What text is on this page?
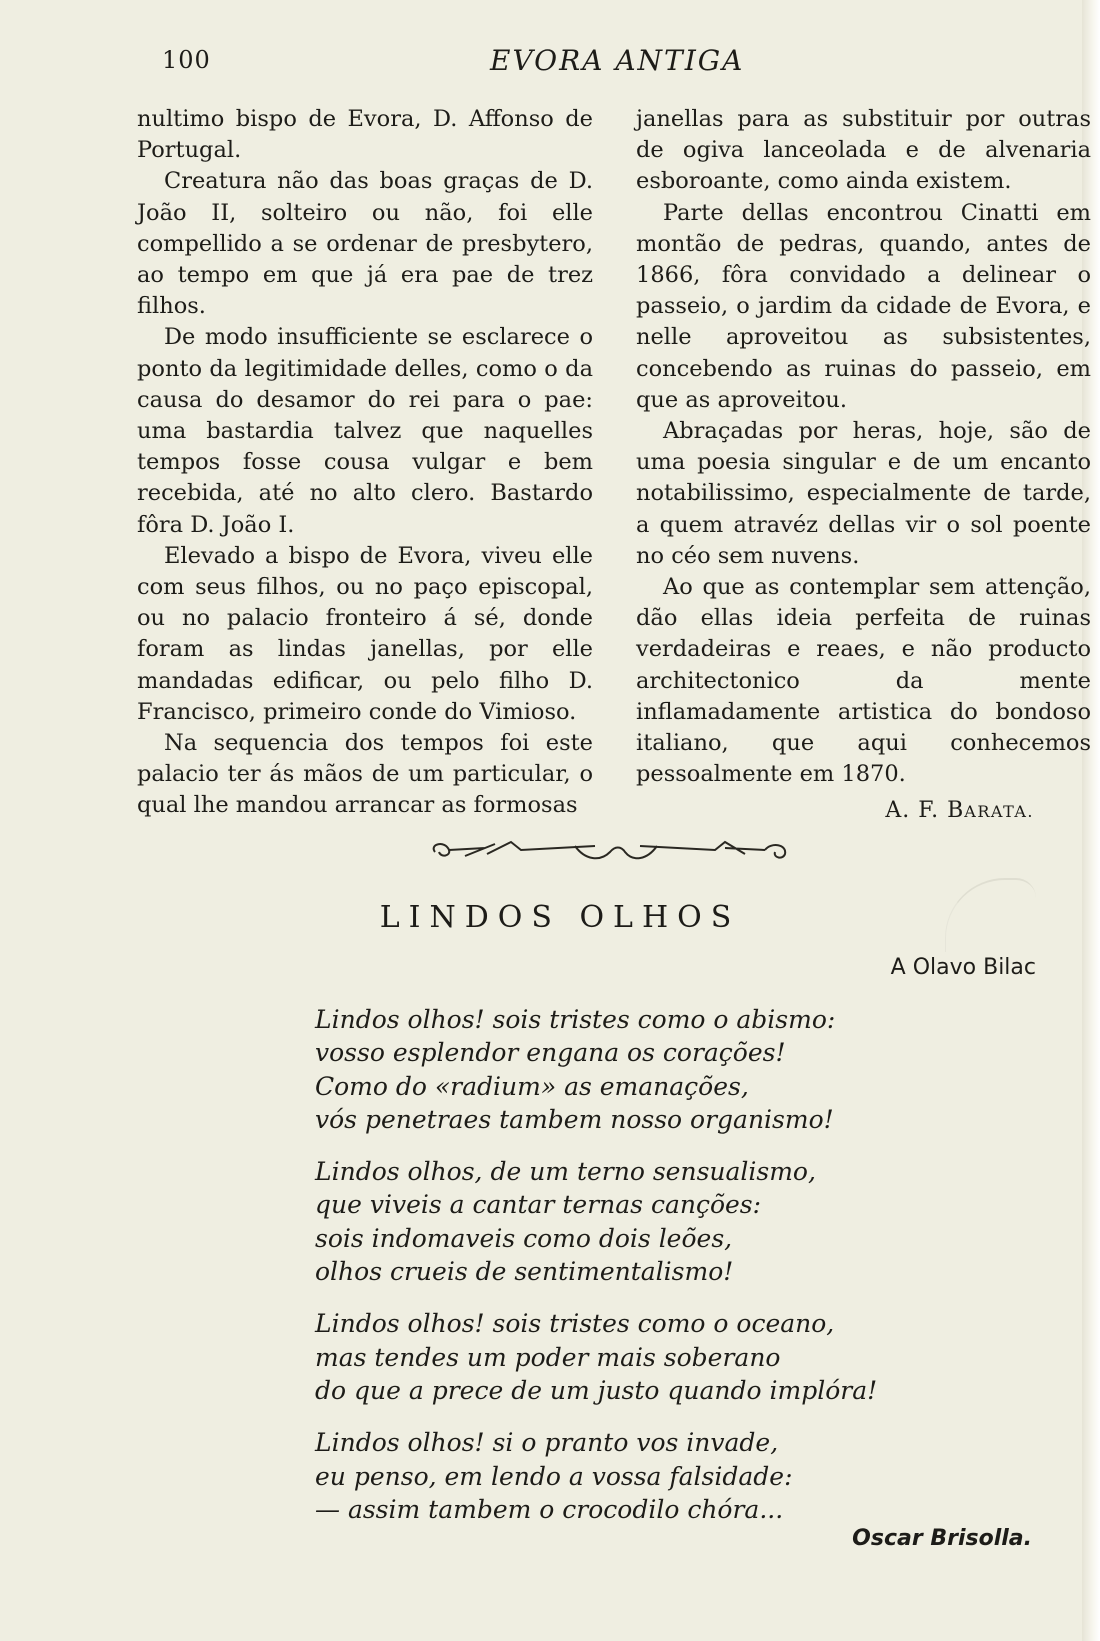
100	EVORA ANTIGA

nultimo bispo de Evora, D. Affonso de Portugal.

Creatura não das boas graças de D. João II, solteiro ou não, foi elle compellido a se ordenar de presbytero, ao tempo em que já era pae de trez filhos.

De modo insufficiente se esclarece o ponto da legitimidade delles, como o da causa do desamor do rei para o pae: uma bastardia talvez que naquelles tempos fosse cousa vulgar e bem recebida, até no alto clero. Bastardo fôra D. João I.

Elevado a bispo de Evora, viveu elle com seus filhos, ou no paço episcopal, ou no palacio fronteiro á sé, donde foram as lindas janellas, por elle mandadas edificar, ou pelo filho D. Francisco, primeiro conde do Vimioso.

Na sequencia dos tempos foi este palacio ter ás mãos de um particular, o qual lhe mandou arrancar as formosas

janellas para as substituir por outras de ogiva lanceolada e de alvenaria esboroante, como ainda existem.

Parte dellas encontrou Cinatti em montão de pedras, quando, antes de 1866, fôra convidado a delinear o passeio, o jardim da cidade de Evora, e nelle aproveitou as subsistentes, concebendo as ruinas do passeio, em que as aproveitou.

Abraçadas por heras, hoje, são de uma poesia singular e de um encanto notabilissimo, especialmente de tarde, a quem atravéz dellas vir o sol poente no céo sem nuvens.

Ao que as contemplar sem attenção, dão ellas ideia perfeita de ruinas verdadeiras e reaes, e não producto architectonico da mente inflamadamente artistica do bondoso italiano, que aqui conhecemos pessoalmente em 1870.

A. F. BARATA.
LINDOS OLHOS
A Olavo Bilac
Lindos olhos! sois tristes como o abismo:
vosso esplendor engana os corações!
Como do «radium» as emanações,
vós penetraes tambem nosso organismo!
Lindos olhos, de um terno sensualismo,
que viveis a cantar ternas canções:
sois indomaveis como dois leões,
olhos crueis de sentimentalismo!
Lindos olhos! sois tristes como o oceano,
mas tendes um poder mais soberano
do que a prece de um justo quando implóra!
Lindos olhos! si o pranto vos invade,
eu penso, em lendo a vossa falsidade:
— assim tambem o crocodilo chóra...
Oscar Brisolla.
